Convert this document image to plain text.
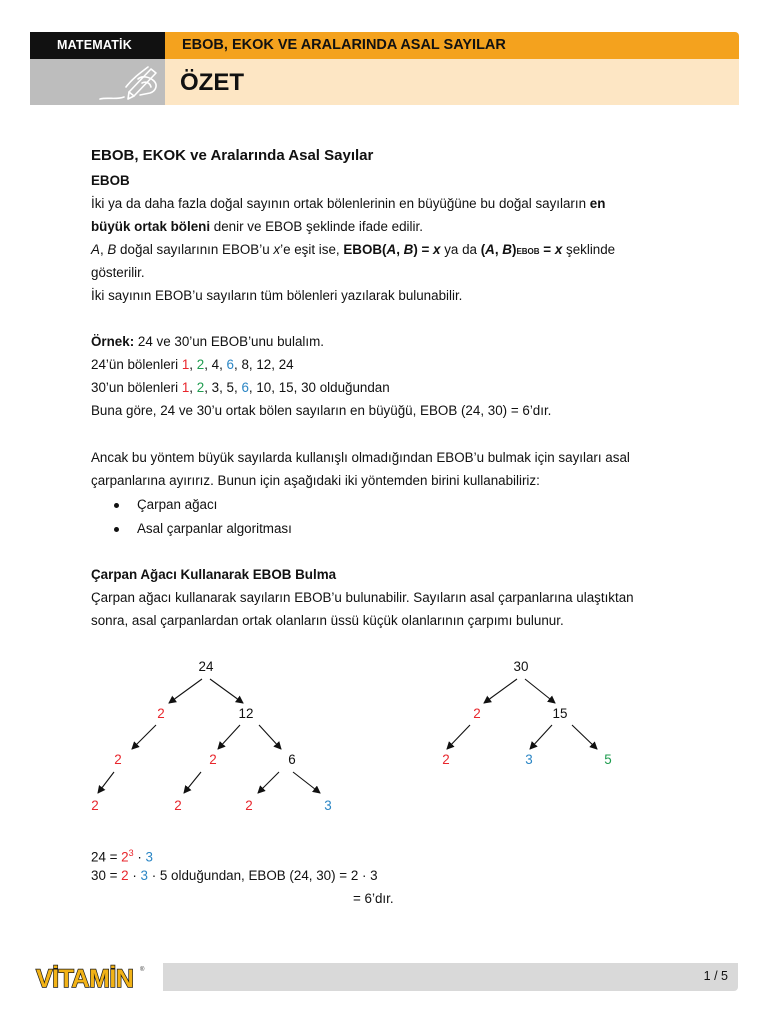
MATEMATİK	EBOB, EKOK VE ARALARINDA ASAL SAYILAR
ÖZET
EBOB, EKOK ve Aralarında Asal Sayılar
EBOB
İki ya da daha fazla doğal sayının ortak bölenlerinin en büyüğüne bu doğal sayıların en
büyük ortak böleni denir ve EBOB şeklinde ifade edilir.
A, B doğal sayılarının EBOB’u x’e eşit ise, EBOB(A, B) = x ya da (A, B)EBOB = x şeklinde
gösterilir.
İki sayının EBOB’u sayıların tüm bölenleri yazılarak bulunabilir.
Örnek: 24 ve 30’un EBOB’unu bulalım.
24’ün bölenleri 1, 2, 4, 6, 8, 12, 24
30’un bölenleri 1, 2, 3, 5, 6, 10, 15, 30 olduğundan
Buna göre, 24 ve 30’u ortak bölen sayıların en büyüğü, EBOB (24, 30) = 6’dır.
Ancak bu yöntem büyük sayılarda kullanışlı olmadığından EBOB’u bulmak için sayıları asal
çarpanlarına ayırırız. Bunun için aşağıdaki iki yöntemden birini kullanabiliriz:
Çarpan ağacı
Asal çarpanlar algoritması
Çarpan Ağacı Kullanarak EBOB Bulma
Çarpan ağacı kullanarak sayıların EBOB’u bulunabilir. Sayıların asal çarpanlarına ulaştıktan
sonra, asal çarpanlardan ortak olanların üssü küçük olanlarının çarpımı bulunur.
$24 = 2^3 \cdot 3$
30 = 2 · 3 · 5 olduğundan, EBOB (24, 30) = 2 · 3
= 6’dır.
24
2	12
2	2	6
2	2	2	3
30
2	15
2	3	5
VİTAMİN ®	1 / 5
